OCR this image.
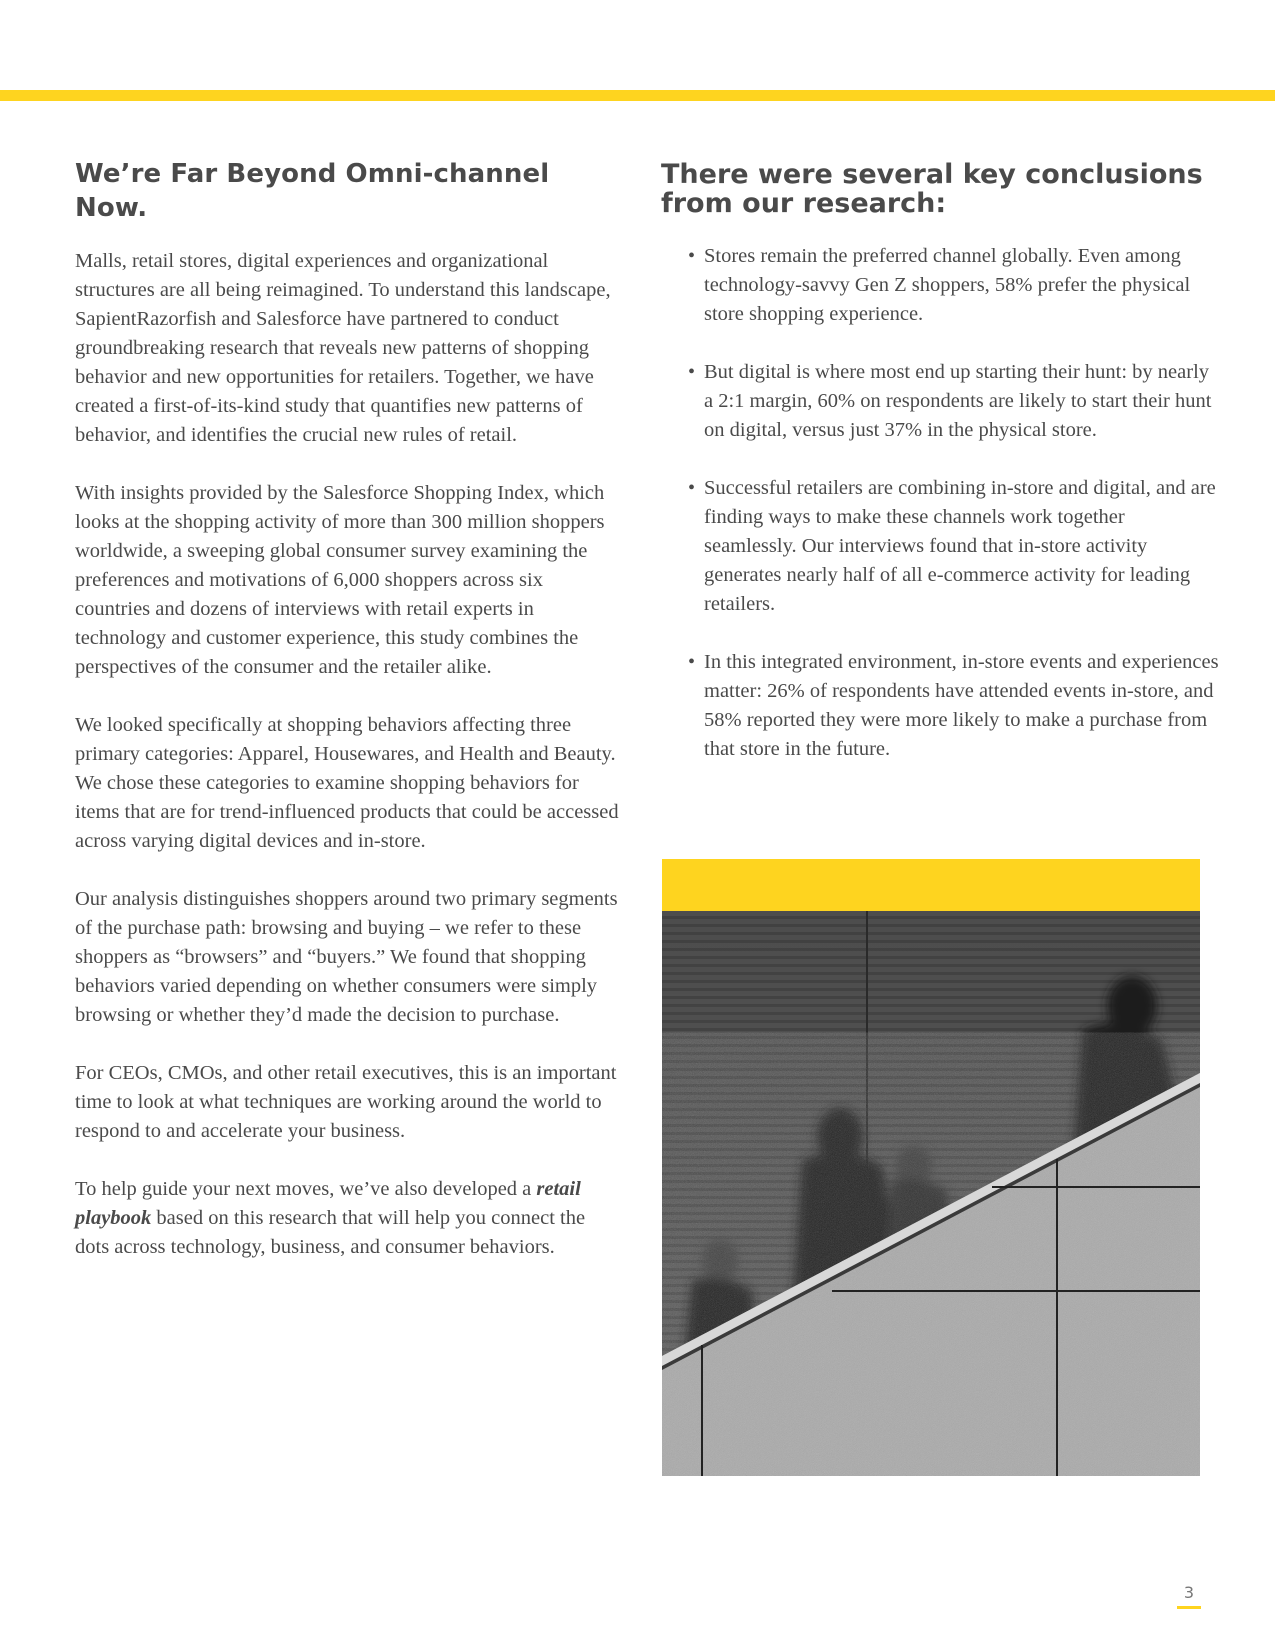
We’re Far Beyond Omni-channel Now.

Malls, retail stores, digital experiences and organizational structures are all being reimagined. To understand this landscape, SapientRazorfish and Salesforce have partnered to conduct groundbreaking research that reveals new patterns of shopping behavior and new opportunities for retailers. Together, we have created a first-of-its-kind study that quantifies new patterns of behavior, and identifies the crucial new rules of retail.

With insights provided by the Salesforce Shopping Index, which looks at the shopping activity of more than 300 million shoppers worldwide, a sweeping global consumer survey examining the preferences and motivations of 6,000 shoppers across six countries and dozens of interviews with retail experts in technology and customer experience, this study combines the perspectives of the consumer and the retailer alike.

We looked specifically at shopping behaviors affecting three primary categories: Apparel, Housewares, and Health and Beauty. We chose these categories to examine shopping behaviors for items that are for trend-influenced products that could be accessed across varying digital devices and in-store.

Our analysis distinguishes shoppers around two primary segments of the purchase path: browsing and buying – we refer to these shoppers as “browsers” and “buyers.” We found that shopping behaviors varied depending on whether consumers were simply browsing or whether they’d made the decision to purchase.

For CEOs, CMOs, and other retail executives, this is an important time to look at what techniques are working around the world to respond to and accelerate your business.

To help guide your next moves, we’ve also developed a retail playbook based on this research that will help you connect the dots across technology, business, and consumer behaviors.

There were several key conclusions from our research:
• Stores remain the preferred channel globally. Even among technology-savvy Gen Z shoppers, 58% prefer the physical store shopping experience.
• But digital is where most end up starting their hunt: by nearly a 2:1 margin, 60% on respondents are likely to start their hunt on digital, versus just 37% in the physical store.
• Successful retailers are combining in-store and digital, and are finding ways to make these channels work together seamlessly. Our interviews found that in-store activity generates nearly half of all e-commerce activity for leading retailers.
• In this integrated environment, in-store events and experiences matter: 26% of respondents have attended events in-store, and 58% reported they were more likely to make a purchase from that store in the future.
3
